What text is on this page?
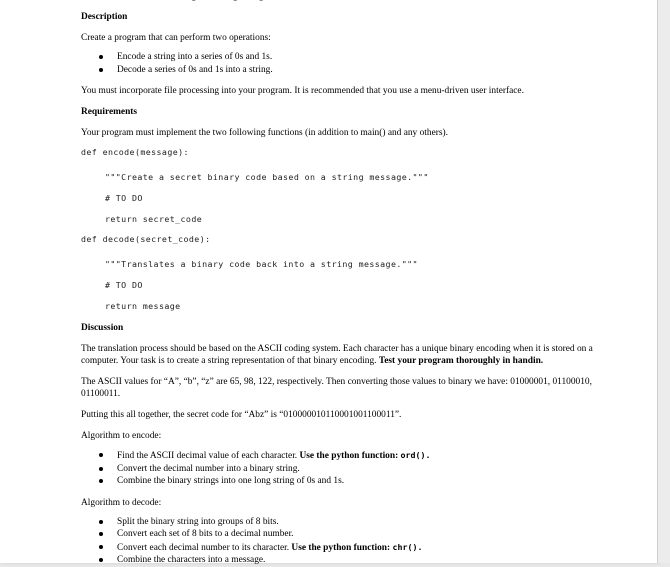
Description
Create a program that can perform two operations:
Encode a string into a series of 0s and 1s.
Decode a series of 0s and 1s into a string.
You must incorporate file processing into your program. It is recommended that you use a menu-driven user interface.
Requirements
Your program must implement the two following functions (in addition to main() and any others).
def encode(message):
"""Create a secret binary code based on a string message."""
# TO DO
return secret_code
def decode(secret_code):
"""Translates a binary code back into a string message."""
# TO DO
return message
Discussion
The translation process should be based on the ASCII coding system. Each character has a unique binary encoding when it is stored on a computer. Your task is to create a string representation of that binary encoding. Test your program thoroughly in handin.
The ASCII values for “A”, “b”, “z” are 65, 98, 122, respectively. Then converting those values to binary we have: 01000001, 01100010, 01100011.
Putting this all together, the secret code for “Abz” is “010000010110001001100011”.
Algorithm to encode:
Find the ASCII decimal value of each character. Use the python function: ord().
Convert the decimal number into a binary string.
Combine the binary strings into one long string of 0s and 1s.
Algorithm to decode:
Split the binary string into groups of 8 bits.
Convert each set of 8 bits to a decimal number.
Convert each decimal number to its character. Use the python function: chr().
Combine the characters into a message.
